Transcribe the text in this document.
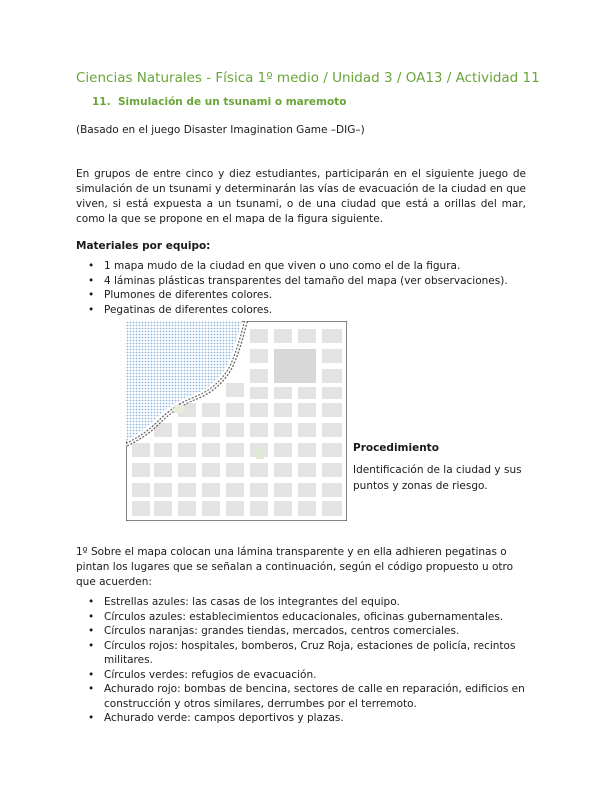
Ciencias Naturales - Física 1º medio / Unidad 3 / OA13 / Actividad 11
11. Simulación de un tsunami o maremoto
(Basado en el juego Disaster Imagination Game –DIG–)
En grupos de entre cinco y diez estudiantes, participarán en el siguiente juego de simulación de un tsunami y determinarán las vías de evacuación de la ciudad en que viven, si está expuesta a un tsunami, o de una ciudad que está a orillas del mar, como la que se propone en el mapa de la figura siguiente.
Materiales por equipo:
• 1 mapa mudo de la ciudad en que viven o uno como el de la figura.
• 4 láminas plásticas transparentes del tamaño del mapa (ver observaciones).
• Plumones de diferentes colores.
• Pegatinas de diferentes colores.
Procedimiento
Identificación de la ciudad y sus puntos y zonas de riesgo.
1º Sobre el mapa colocan una lámina transparente y en ella adhieren pegatinas o pintan los lugares que se señalan a continuación, según el código propuesto u otro que acuerden:
• Estrellas azules: las casas de los integrantes del equipo.
• Círculos azules: establecimientos educacionales, oficinas gubernamentales.
• Círculos naranjas: grandes tiendas, mercados, centros comerciales.
• Círculos rojos: hospitales, bomberos, Cruz Roja, estaciones de policía, recintos militares.
• Círculos verdes: refugios de evacuación.
• Achurado rojo: bombas de bencina, sectores de calle en reparación, edificios en construcción y otros similares, derrumbes por el terremoto.
• Achurado verde: campos deportivos y plazas.
